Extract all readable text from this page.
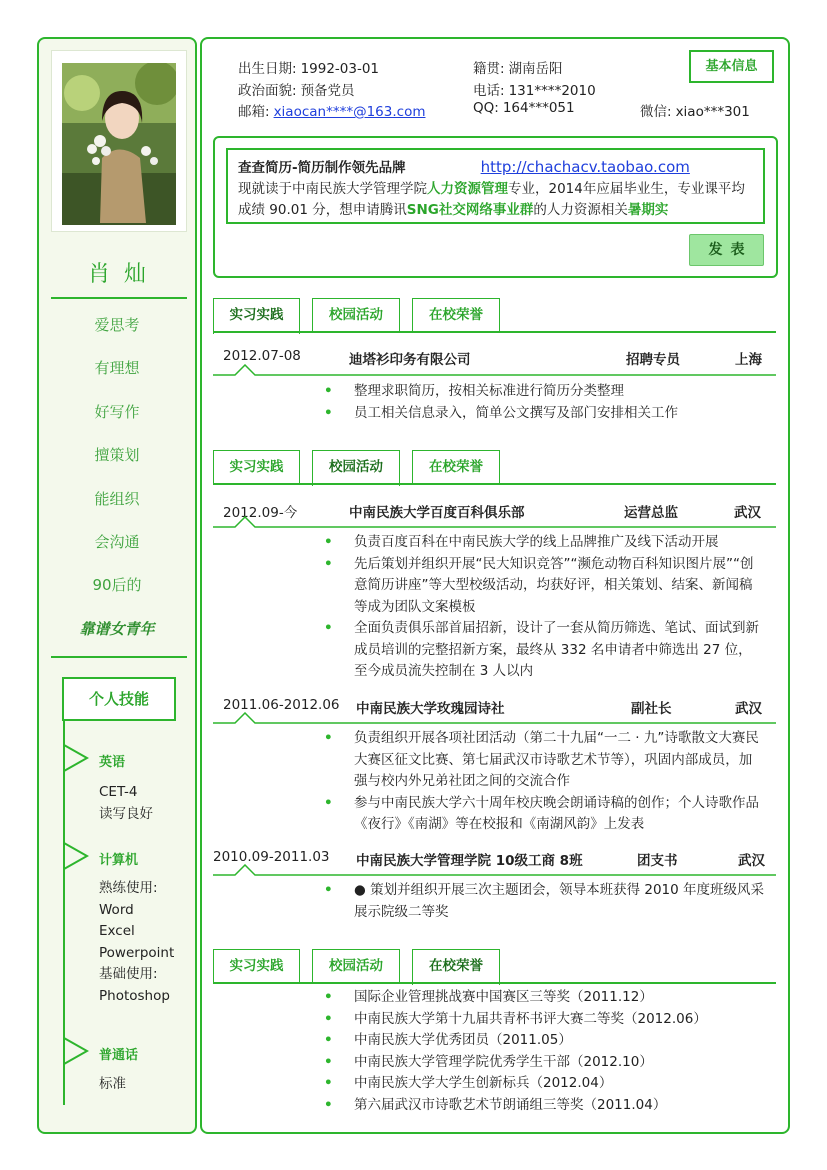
肖灿
爱思考
有理想
好写作
擅策划
能组织
会沟通
90后的
靠谱女青年
个人技能
英语
CET-4
读写良好
计算机
熟练使用:
Word
Excel
Powerpoint
基础使用:
Photoshop
普通话
标准
出生日期: 1992-03-01
政治面貌: 预备党员
邮箱: xiaocan****@163.com
籍贯: 湖南岳阳
电话: 131****2010
QQ: 164***051	微信: xiao***301
基本信息
查查简历-简历制作领先品牌	http://chachacv.taobao.com
现就读于中南民族大学管理学院人力资源管理专业，2014年应届毕业生，专业课平均成绩 90.01 分，想申请腾讯SNG社交网络事业群的人力资源相关暑期实
发表
实习实践	校园活动	在校荣誉
2012.07-08	迪塔衫印务有限公司	招聘专员	上海
• 整理求职简历，按相关标准进行简历分类整理
• 员工相关信息录入，简单公文撰写及部门安排相关工作
实习实践	校园活动	在校荣誉
2012.09-今	中南民族大学百度百科俱乐部	运营总监	武汉
• 负责百度百科在中南民族大学的线上品牌推广及线下活动开展
• 先后策划并组织开展“民大知识竞答”“濒危动物百科知识图片展”“创意简历讲座”等大型校级活动，均获好评，相关策划、结案、新闻稿等成为团队文案模板
• 全面负责俱乐部首届招新，设计了一套从简历筛选、笔试、面试到新成员培训的完整招新方案，最终从 332 名申请者中筛选出 27 位，至今成员流失控制在 3 人以内
2011.06-2012.06 中南民族大学玫瑰园诗社	副社长	武汉
• 负责组织开展各项社团活动（第二十九届“一二 · 九”诗歌散文大赛民大赛区征文比赛、第七届武汉市诗歌艺术节等），巩固内部成员，加强与校内外兄弟社团之间的交流合作
• 参与中南民族大学六十周年校庆晚会朗诵诗稿的创作；个人诗歌作品《夜行》《南湖》等在校报和《南湖风韵》上发表
2010.09-2011.03 中南民族大学管理学院 10级工商 8班	团支书	武汉
• ● 策划并组织开展三次主题团会，领导本班获得 2010 年度班级风采展示院级二等奖
实习实践	校园活动	在校荣誉
• 国际企业管理挑战赛中国赛区三等奖（2011.12）
• 中南民族大学第十九届共青杯书评大赛二等奖（2012.06）
• 中南民族大学优秀团员（2011.05）
• 中南民族大学管理学院优秀学生干部（2012.10）
• 中南民族大学大学生创新标兵（2012.04）
• 第六届武汉市诗歌艺术节朗诵组三等奖（2011.04）
